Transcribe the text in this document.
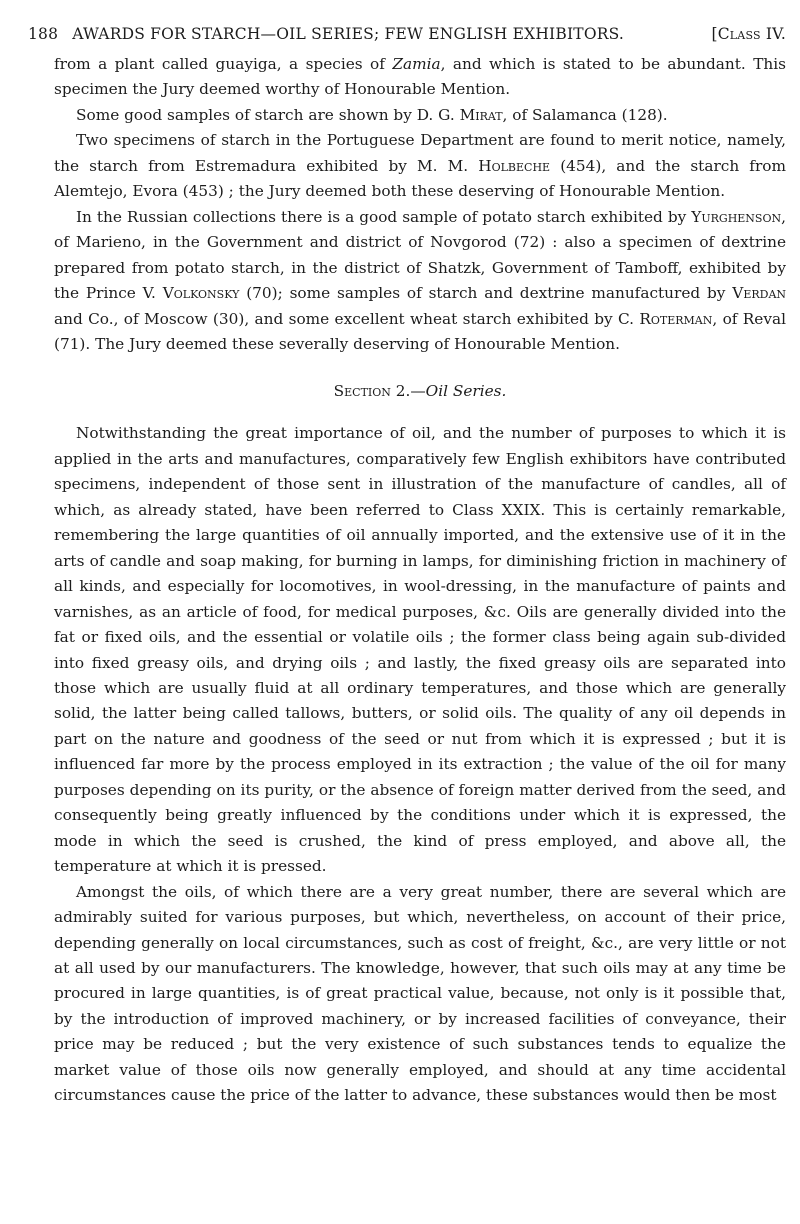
188 AWARDS FOR STARCH—OIL SERIES; FEW ENGLISH EXHIBITORS.	[Class IV.

from a plant called guayiga, a species of Zamia, and which is stated to be abundant. This specimen the Jury deemed worthy of Honourable Mention.

Some good samples of starch are shown by D. G. Mirat, of Salamanca (128).

Two specimens of starch in the Portuguese Department are found to merit notice, namely, the starch from Estremadura exhibited by M. M. Holbeche (454), and the starch from Alemtejo, Evora (453) ; the Jury deemed both these deserving of Honourable Mention.

In the Russian collections there is a good sample of potato starch exhibited by Yurghenson, of Marieno, in the Government and district of Novgorod (72) : also a specimen of dextrine prepared from potato starch, in the district of Shatzk, Government of Tamboff, exhibited by the Prince V. Volkonsky (70); some samples of starch and dextrine manufactured by Verdan and Co., of Moscow (30), and some excellent wheat starch exhibited by C. Roterman, of Reval (71). The Jury deemed these severally deserving of Honourable Mention.

Section 2.—Oil Series.

Notwithstanding the great importance of oil, and the number of purposes to which it is applied in the arts and manufactures, comparatively few English exhibitors have contributed specimens, independent of those sent in illustration of the manufacture of candles, all of which, as already stated, have been referred to Class XXIX. This is certainly remarkable, remembering the large quantities of oil annually imported, and the extensive use of it in the arts of candle and soap making, for burning in lamps, for diminishing friction in machinery of all kinds, and especially for locomotives, in wool-dressing, in the manufacture of paints and varnishes, as an article of food, for medical purposes, &c. Oils are generally divided into the fat or fixed oils, and the essential or volatile oils ; the former class being again sub-divided into fixed greasy oils, and drying oils ; and lastly, the fixed greasy oils are separated into those which are usually fluid at all ordinary temperatures, and those which are generally solid, the latter being called tallows, butters, or solid oils. The quality of any oil depends in part on the nature and goodness of the seed or nut from which it is expressed ; but it is influenced far more by the process employed in its extraction ; the value of the oil for many purposes depending on its purity, or the absence of foreign matter derived from the seed, and consequently being greatly influenced by the conditions under which it is expressed, the mode in which the seed is crushed, the kind of press employed, and above all, the temperature at which it is pressed.

Amongst the oils, of which there are a very great number, there are several which are admirably suited for various purposes, but which, nevertheless, on account of their price, depending generally on local circumstances, such as cost of freight, &c., are very little or not at all used by our manufacturers. The knowledge, however, that such oils may at any time be procured in large quantities, is of great practical value, because, not only is it possible that, by the introduction of improved machinery, or by increased facilities of conveyance, their price may be reduced ; but the very existence of such substances tends to equalize the market value of those oils now generally employed, and should at any time accidental circumstances cause the price of the latter to advance, these substances would then be most
